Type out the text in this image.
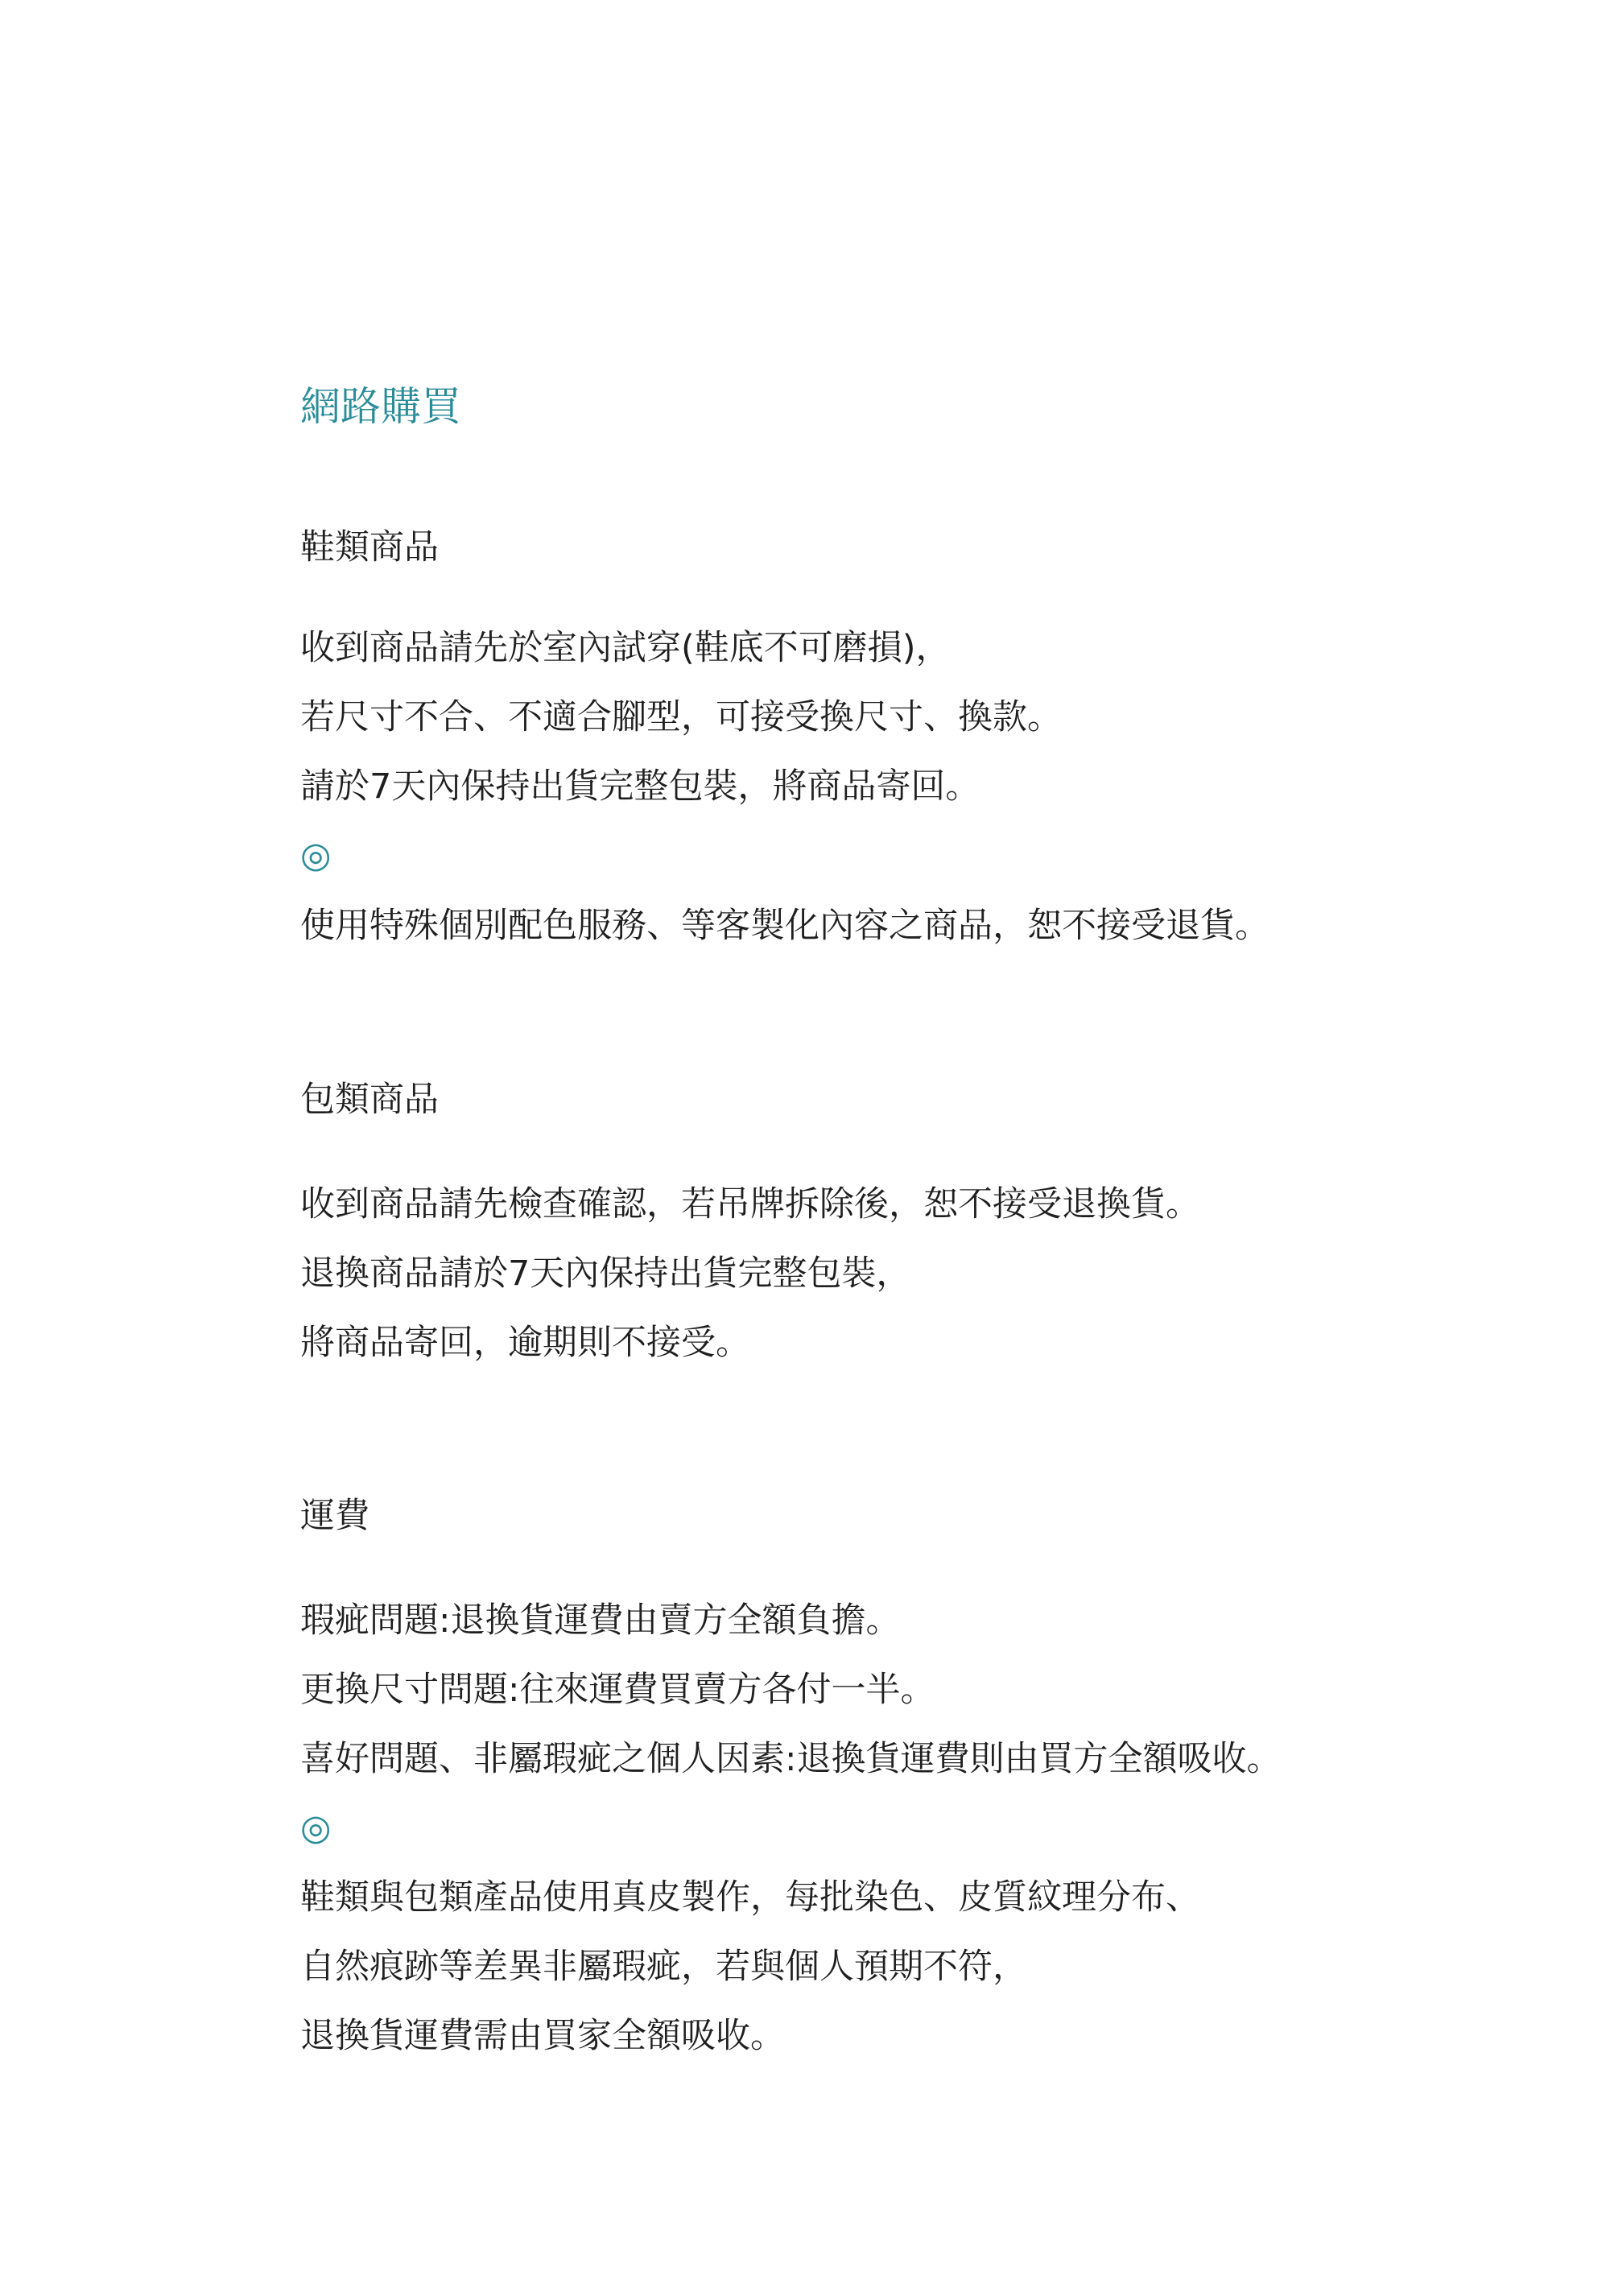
網路購買
鞋類商品
收到商品請先於室內試穿(鞋底不可磨損)，
若尺寸不合、不適合腳型，可接受換尺寸、換款。
請於7天內保持出貨完整包裝，將商品寄回。
◎
使用特殊個別配色服務、等客製化內容之商品，恕不接受退貨。
包類商品
收到商品請先檢查確認，若吊牌拆除後，恕不接受退換貨。
退換商品請於7天內保持出貨完整包裝，
將商品寄回，逾期則不接受。
運費
瑕疵問題:退換貨運費由賣方全額負擔。
更換尺寸問題:往來運費買賣方各付一半。
喜好問題、非屬瑕疵之個人因素:退換貨運費則由買方全額吸收。
◎
鞋類與包類產品使用真皮製作，每批染色、皮質紋理分布、
自然痕跡等差異非屬瑕疵，若與個人預期不符，
退換貨運費需由買家全額吸收。
